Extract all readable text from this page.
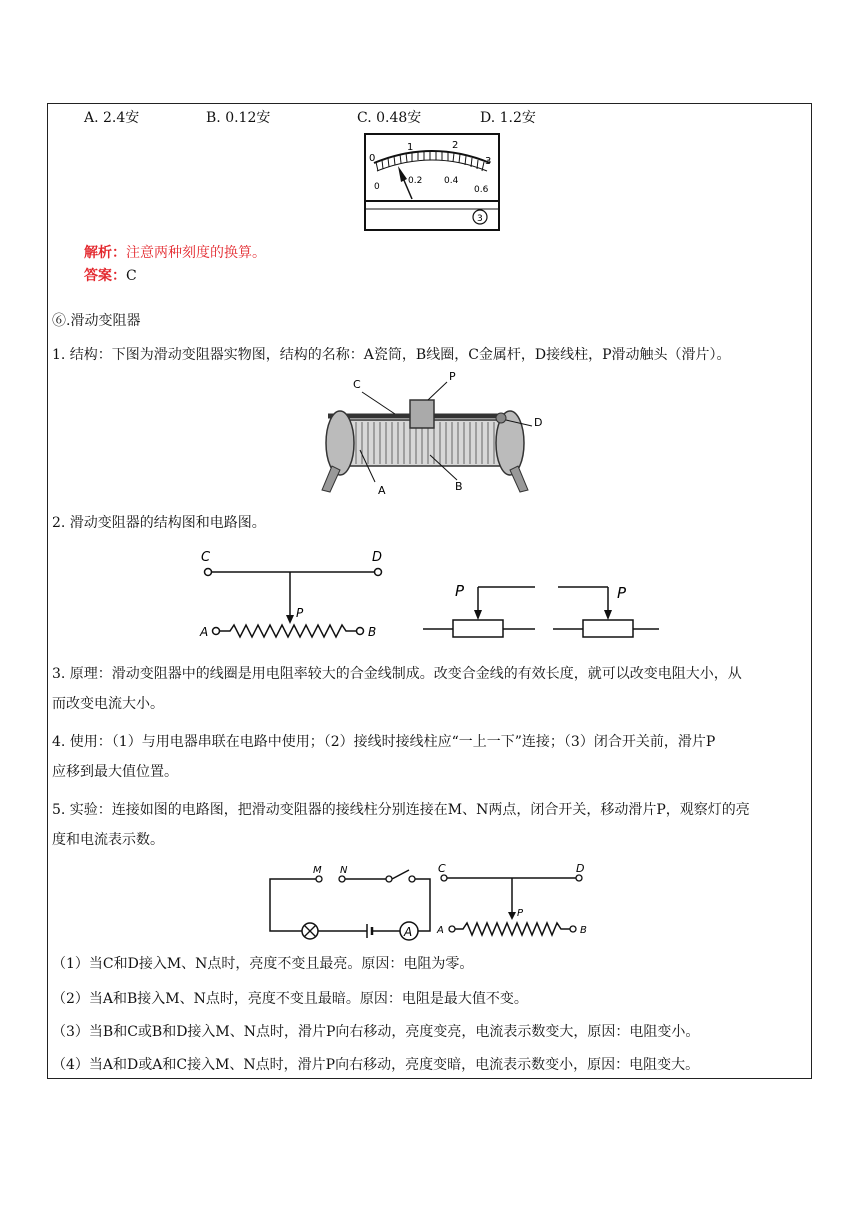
A. 2.4安	B. 0.12安	C. 0.48安	D. 1.2安
0
1	2
3
0
0.2 0.4
0.6
3
解析：注意两种刻度的换算。
答案：C
⑥.滑动变阻器
1. 结构：下图为滑动变阻器实物图，结构的名称：A瓷筒，B线圈，C金属杆，D接线柱，P滑动触头（滑片）。
C
P
D
A	B
2. 滑动变阻器的结构图和电路图。
C	D
P
A	B
P	P
3. 原理：滑动变阻器中的线圈是用电阻率较大的合金线制成。改变合金线的有效长度，就可以改变电阻大小，从
而改变电流大小。
4. 使用：（1）与用电器串联在电路中使用；（2）接线时接线柱应“一上一下”连接；（3）闭合开关前，滑片P
应移到最大值位置。
5. 实验：连接如图的电路图，把滑动变阻器的接线柱分别连接在M、N两点，闭合开关，移动滑片P，观察灯的亮
度和电流表示数。
A
M N	C	D
P
A	B
（1）当C和D接入M、N点时，亮度不变且最亮。原因：电阻为零。
（2）当A和B接入M、N点时，亮度不变且最暗。原因：电阻是最大值不变。
（3）当B和C或B和D接入M、N点时，滑片P向右移动，亮度变亮，电流表示数变大，原因：电阻变小。
（4）当A和D或A和C接入M、N点时，滑片P向右移动，亮度变暗，电流表示数变小，原因：电阻变大。
